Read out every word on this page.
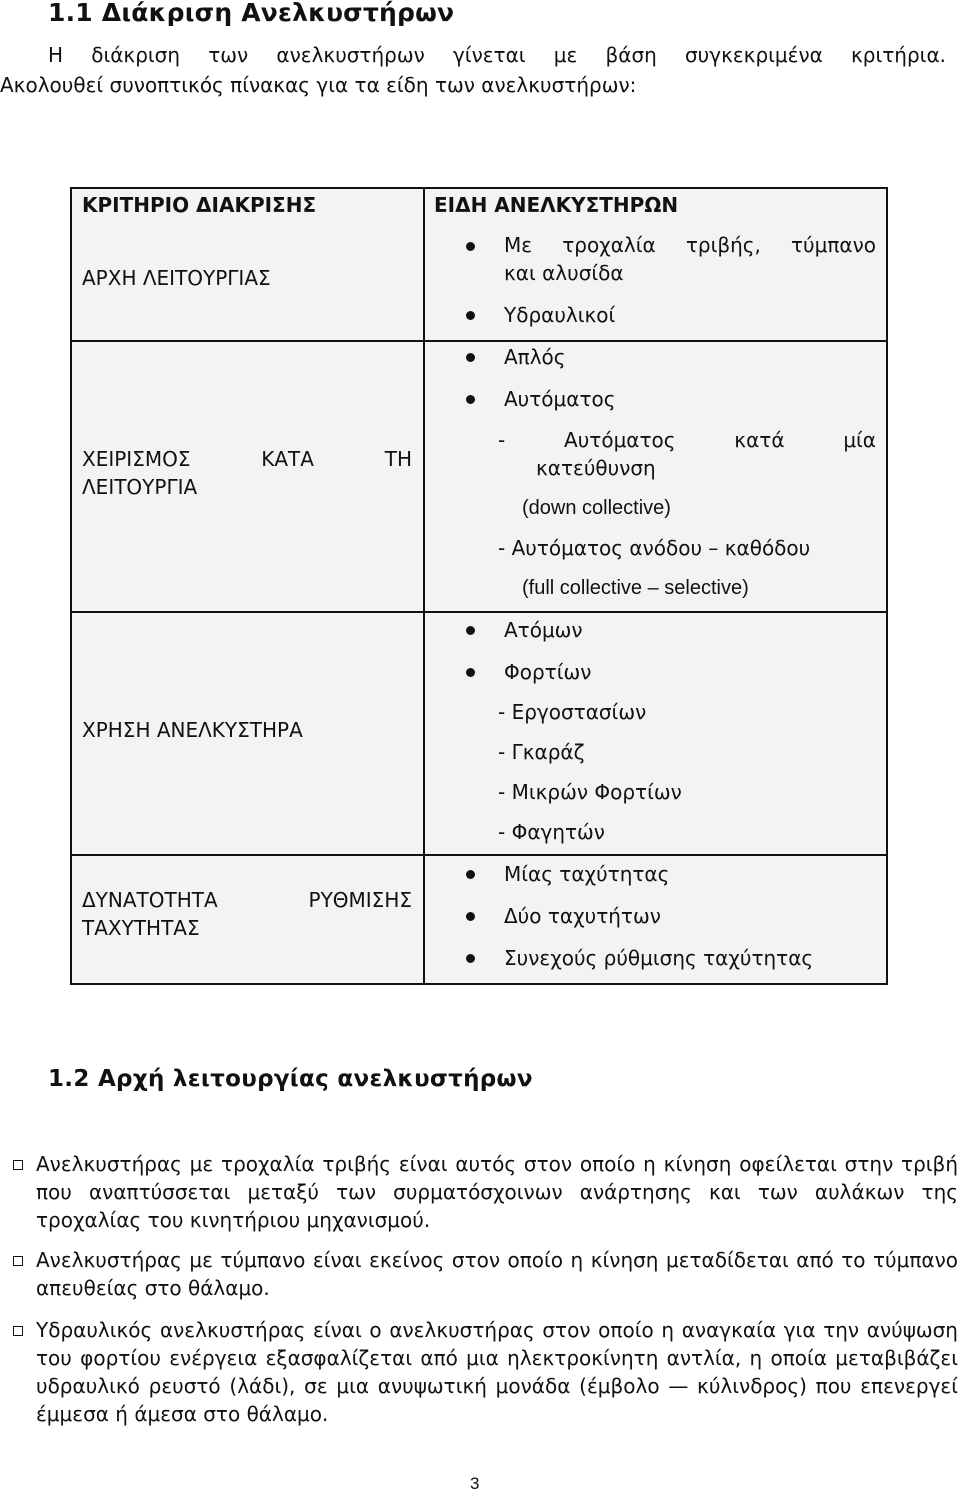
1.1 Διάκριση Ανελκυστήρων
Η διάκριση των ανελκυστήρων γίνεται με βάση συγκεκριμένα κριτήρια.
Ακολουθεί συνοπτικός πίνακας για τα είδη των ανελκυστήρων:
ΚΡΙΤΗΡΙΟ ΔΙΑΚΡΙΣΗΣ
ΑΡΧΗ ΛΕΙΤΟΥΡΓΙΑΣ
ΧΕΙΡΙΣΜΟΣ ΚΑΤΑ ΤΗ
ΛΕΙΤΟΥΡΓΙΑ
ΧΡΗΣΗ ΑΝΕΛΚΥΣΤΗΡΑ
ΔΥΝΑΤΟΤΗΤΑ ΡΥΘΜΙΣΗΣ
ΤΑΧΥΤΗΤΑΣ
ΕΙΔΗ ΑΝΕΛΚΥΣΤΗΡΩΝ
Με τροχαλία τριβής, τύμπανο
και αλυσίδα
Υδραυλικοί
Απλός
Αυτόματος
- Αυτόματος κατά μία
κατεύθυνση
(down collective)
- Αυτόματος ανόδου – καθόδου
(full collective – selective)
Ατόμων
Φορτίων
- Εργοστασίων
- Γκαράζ
- Μικρών Φορτίων
- Φαγητών
Μίας ταχύτητας
Δύο ταχυτήτων
Συνεχούς ρύθμισης ταχύτητας
1.2 Αρχή λειτουργίας ανελκυστήρων
Ανελκυστήρας με τροχαλία τριβής είναι αυτός στον οποίο η κίνηση οφείλεται στην τριβή που αναπτύσσεται μεταξύ των συρματόσχοινων ανάρτησης και των αυλάκων της τροχαλίας του κινητήριου μηχανισμού.
Ανελκυστήρας με τύμπανο είναι εκείνος στον οποίο η κίνηση μεταδίδεται από το τύμπανο απευθείας στο θάλαμο.
Υδραυλικός ανελκυστήρας είναι ο ανελκυστήρας στον οποίο η αναγκαία για την ανύψωση του φορτίου ενέργεια εξασφαλίζεται από μια ηλεκτροκίνητη αντλία, η οποία μεταβιβάζει υδραυλικό ρευστό (λάδι), σε μια ανυψωτική μονάδα (έμβολο — κύλινδρος) που επενεργεί έμμεσα ή άμεσα στο θάλαμο.
3
